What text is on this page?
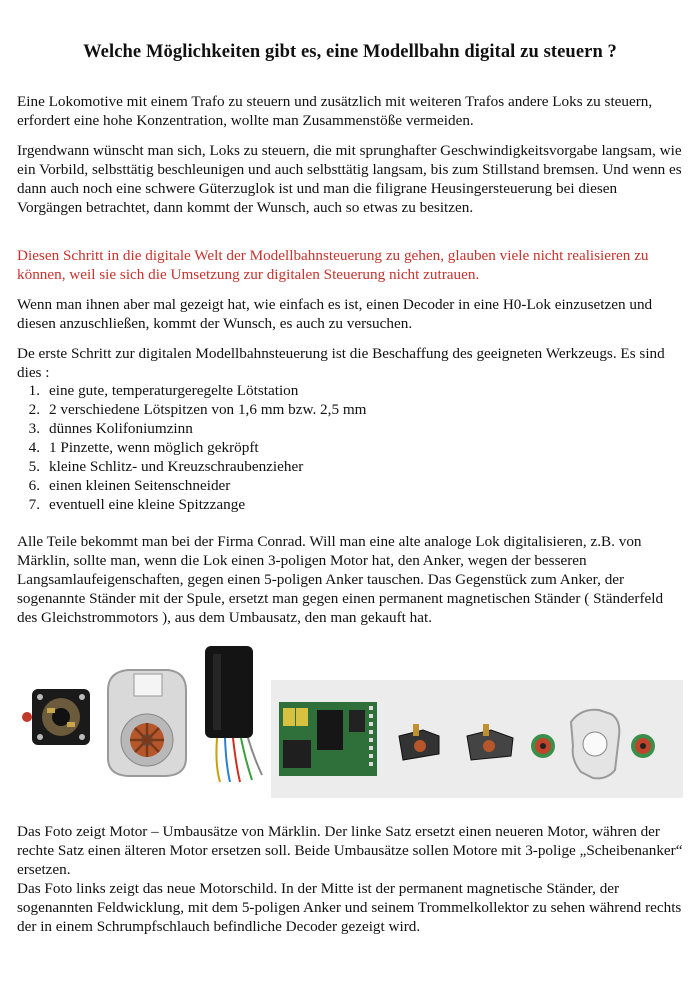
Welche Möglichkeiten gibt es, eine Modellbahn digital zu steuern ?

Eine Lokomotive mit einem Trafo zu steuern und zusätzlich mit weiteren Trafos andere Loks zu steuern, erfordert eine hohe Konzentration, wollte man Zusammenstöße vermeiden.

Irgendwann wünscht man sich, Loks zu steuern, die mit sprunghafter Geschwindigkeitsvorgabe langsam, wie ein Vorbild, selbsttätig beschleunigen und auch selbsttätig langsam, bis zum Stillstand bremsen. Und wenn es dann auch noch eine schwere Güterzuglok ist und man die filigrane Heusingersteuerung bei diesen Vorgängen betrachtet, dann kommt der Wunsch, auch so etwas zu besitzen.

Diesen Schritt in die digitale Welt der Modellbahnsteuerung zu gehen, glauben viele nicht realisieren zu können, weil sie sich die Umsetzung zur digitalen Steuerung nicht zutrauen.

Wenn man ihnen aber mal gezeigt hat, wie einfach es ist, einen Decoder in eine H0-Lok einzusetzen und diesen anzuschließen, kommt der Wunsch, es auch zu versuchen.

De erste Schritt zur digitalen Modellbahnsteuerung ist die Beschaffung des geeigneten Werkzeugs. Es sind dies :

1. eine gute, temperaturgeregelte Lötstation
2. 2 verschiedene Lötspitzen von 1,6 mm bzw. 2,5 mm
3. dünnes Kolifoniumzinn
4. 1 Pinzette, wenn möglich gekröpft
5. kleine Schlitz- und Kreuzschraubenzieher
6. einen kleinen Seitenschneider
7. eventuell eine kleine Spitzzange

Alle Teile bekommt man bei der Firma Conrad. Will man eine alte analoge Lok digitalisieren, z.B. von Märklin, sollte man, wenn die Lok einen 3-poligen Motor hat, den Anker, wegen der besseren Langsamlaufeigenschaften, gegen einen 5-poligen Anker tauschen. Das Gegenstück zum Anker, der sogenannte Ständer mit der Spule, ersetzt man gegen einen permanent magnetischen Ständer ( Ständerfeld des Gleichstrommotors ), aus dem Umbausatz, den man gekauft hat.

Das Foto zeigt Motor – Umbausätze von Märklin. Der linke Satz ersetzt einen neueren Motor, währen der rechte Satz einen älteren Motor ersetzen soll. Beide Umbausätze sollen Motore mit 3-polige „Scheibenanker“ ersetzen.

Das Foto links zeigt das neue Motorschild. In der Mitte ist der permanent magnetische Ständer, der sogenannten Feldwicklung, mit dem 5-poligen Anker und seinem Trommelkollektor zu sehen während rechts der in einem Schrumpfschlauch befindliche Decoder gezeigt wird.
